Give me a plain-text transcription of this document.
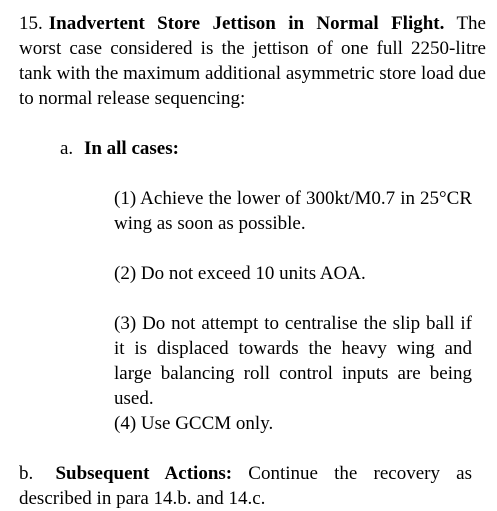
15. Inadvertent Store Jettison in Normal Flight. The worst case considered is the jettison of one full 2250-litre tank with the maximum additional asymmetric store load due to normal release sequencing:
a. In all cases:
(1) Achieve the lower of 300kt/M0.7 in 25°CR wing as soon as possible.
(2) Do not exceed 10 units AOA.
(3) Do not attempt to centralise the slip ball if it is displaced towards the heavy wing and large balancing roll control inputs are being used.
(4) Use GCCM only.
b. Subsequent Actions: Continue the recovery as described in para 14.b. and 14.c.
